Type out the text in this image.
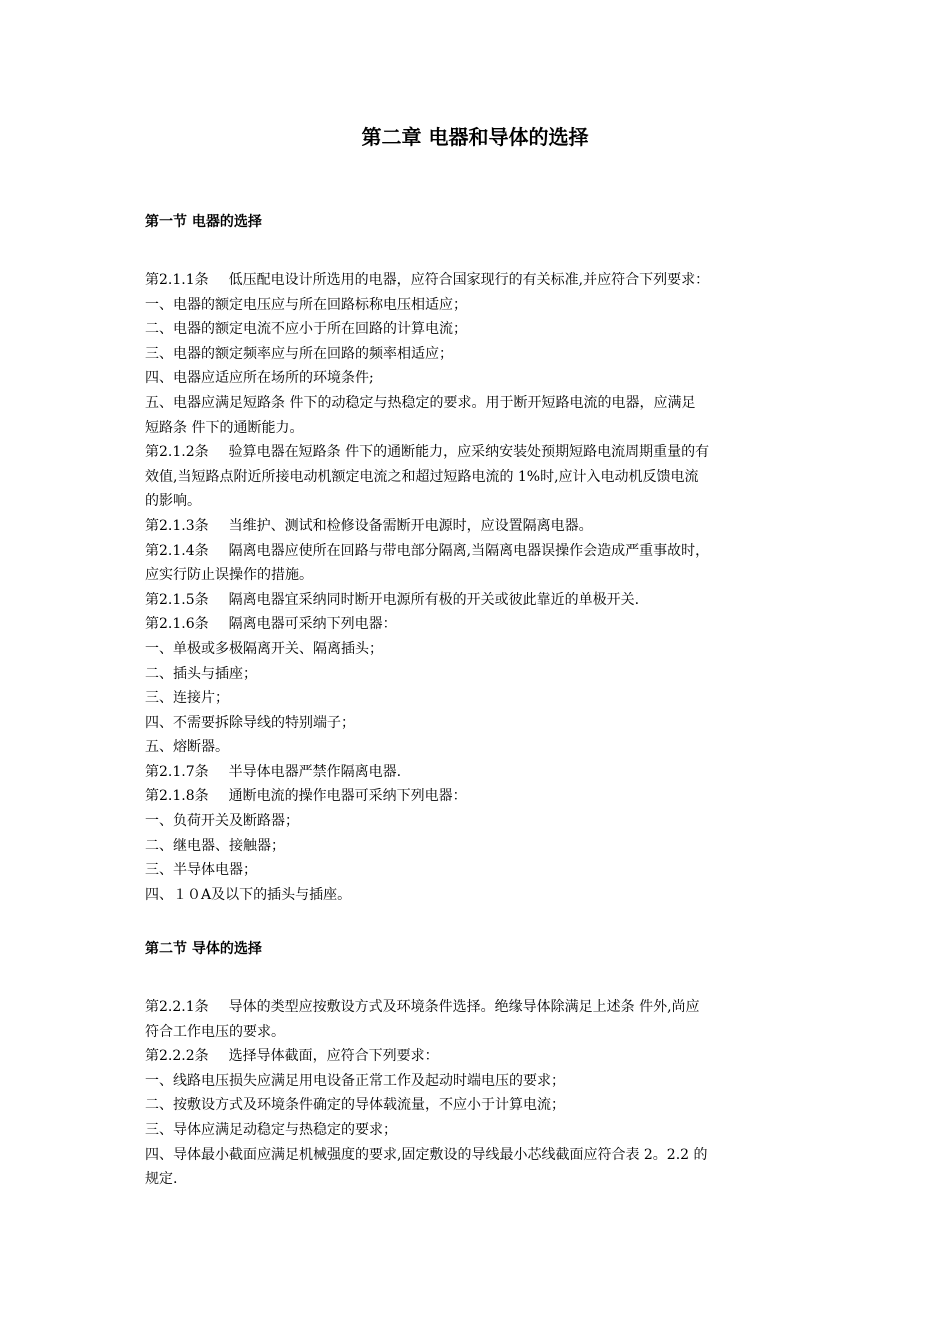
第二章 电器和导体的选择
第一节 电器的选择
第2.1.1条 低压配电设计所选用的电器，应符合国家现行的有关标准,并应符合下列要求：
一、电器的额定电压应与所在回路标称电压相适应；
二、电器的额定电流不应小于所在回路的计算电流；
三、电器的额定频率应与所在回路的频率相适应；
四、电器应适应所在场所的环境条件;
五、电器应满足短路条 件下的动稳定与热稳定的要求。用于断开短路电流的电器，应满足
短路条 件下的通断能力。
第2.1.2条 验算电器在短路条 件下的通断能力，应采纳安装处预期短路电流周期重量的有
效值,当短路点附近所接电动机额定电流之和超过短路电流的 1%时,应计入电动机反馈电流
的影响。
第2.1.3条 当维护、测试和检修设备需断开电源时，应设置隔离电器。
第2.1.4条 隔离电器应使所在回路与带电部分隔离,当隔离电器误操作会造成严重事故时，
应实行防止误操作的措施。
第2.1.5条 隔离电器宜采纳同时断开电源所有极的开关或彼此靠近的单极开关.
第2.1.6条 隔离电器可采纳下列电器：
一、单极或多极隔离开关、隔离插头；
二、插头与插座；
三、连接片；
四、不需要拆除导线的特别端子；
五、熔断器。
第2.1.7条 半导体电器严禁作隔离电器.
第2.1.8条 通断电流的操作电器可采纳下列电器：
一、负荷开关及断路器；
二、继电器、接触器；
三、半导体电器；
四、１０A及以下的插头与插座。
第二节 导体的选择
第2.2.1条 导体的类型应按敷设方式及环境条件选择。绝缘导体除满足上述条 件外,尚应
符合工作电压的要求。
第2.2.2条 选择导体截面，应符合下列要求：
一、线路电压损失应满足用电设备正常工作及起动时端电压的要求；
二、按敷设方式及环境条件确定的导体载流量，不应小于计算电流；
三、导体应满足动稳定与热稳定的要求；
四、导体最小截面应满足机械强度的要求,固定敷设的导线最小芯线截面应符合表 2。2.2 的
规定.
